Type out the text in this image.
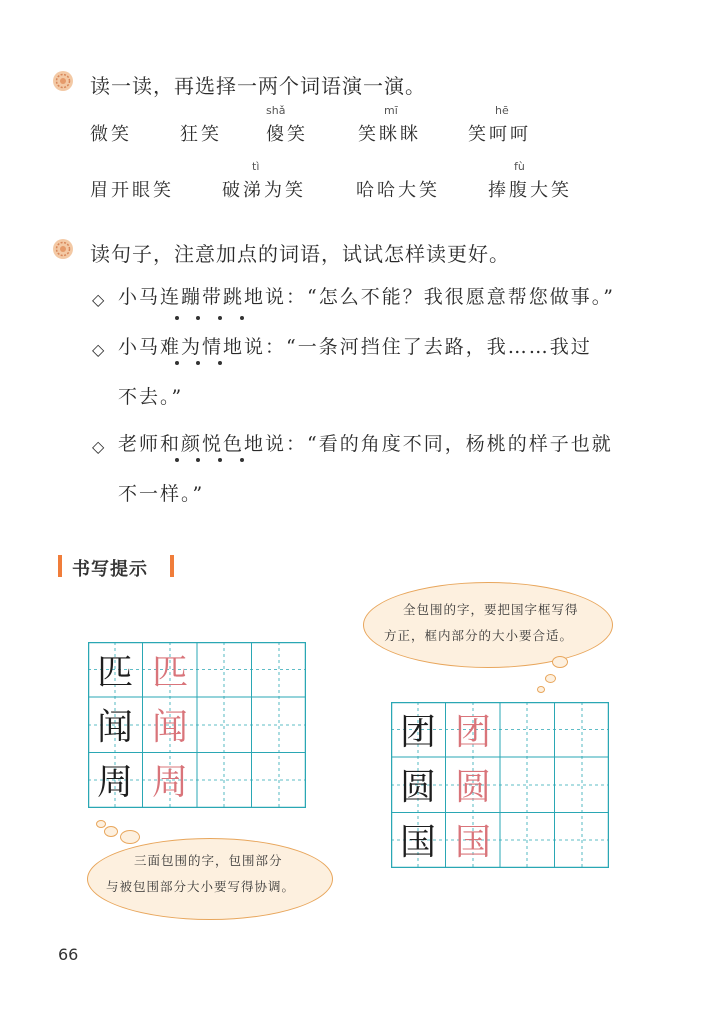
读一读，再选择一两个词语演一演。
微笑	狂笑
shǎ
傻笑
mī
笑眯眯
hē
笑呵呵
眉开眼笑
tì
破涕为笑	哈哈大笑
fù
捧腹大笑
读句子，注意加点的词语，试试怎样读更好。
◇ 小马连蹦带跳地说：“怎么不能？我很愿意帮您做事。”
◇ 小马难为情地说：“一条河挡住了去路，我……我过
不去。”
◇ 老师和颜悦色地说：“看的角度不同，杨桃的样子也就
不一样。”
书写提示
全包围的字，要把国字框写得
方正，框内部分的大小要合适。
匹
闻
周
匹
闻
周
团
圆
国
团
圆
国
三面包围的字，包围部分
与被包围部分大小要写得协调。
66
